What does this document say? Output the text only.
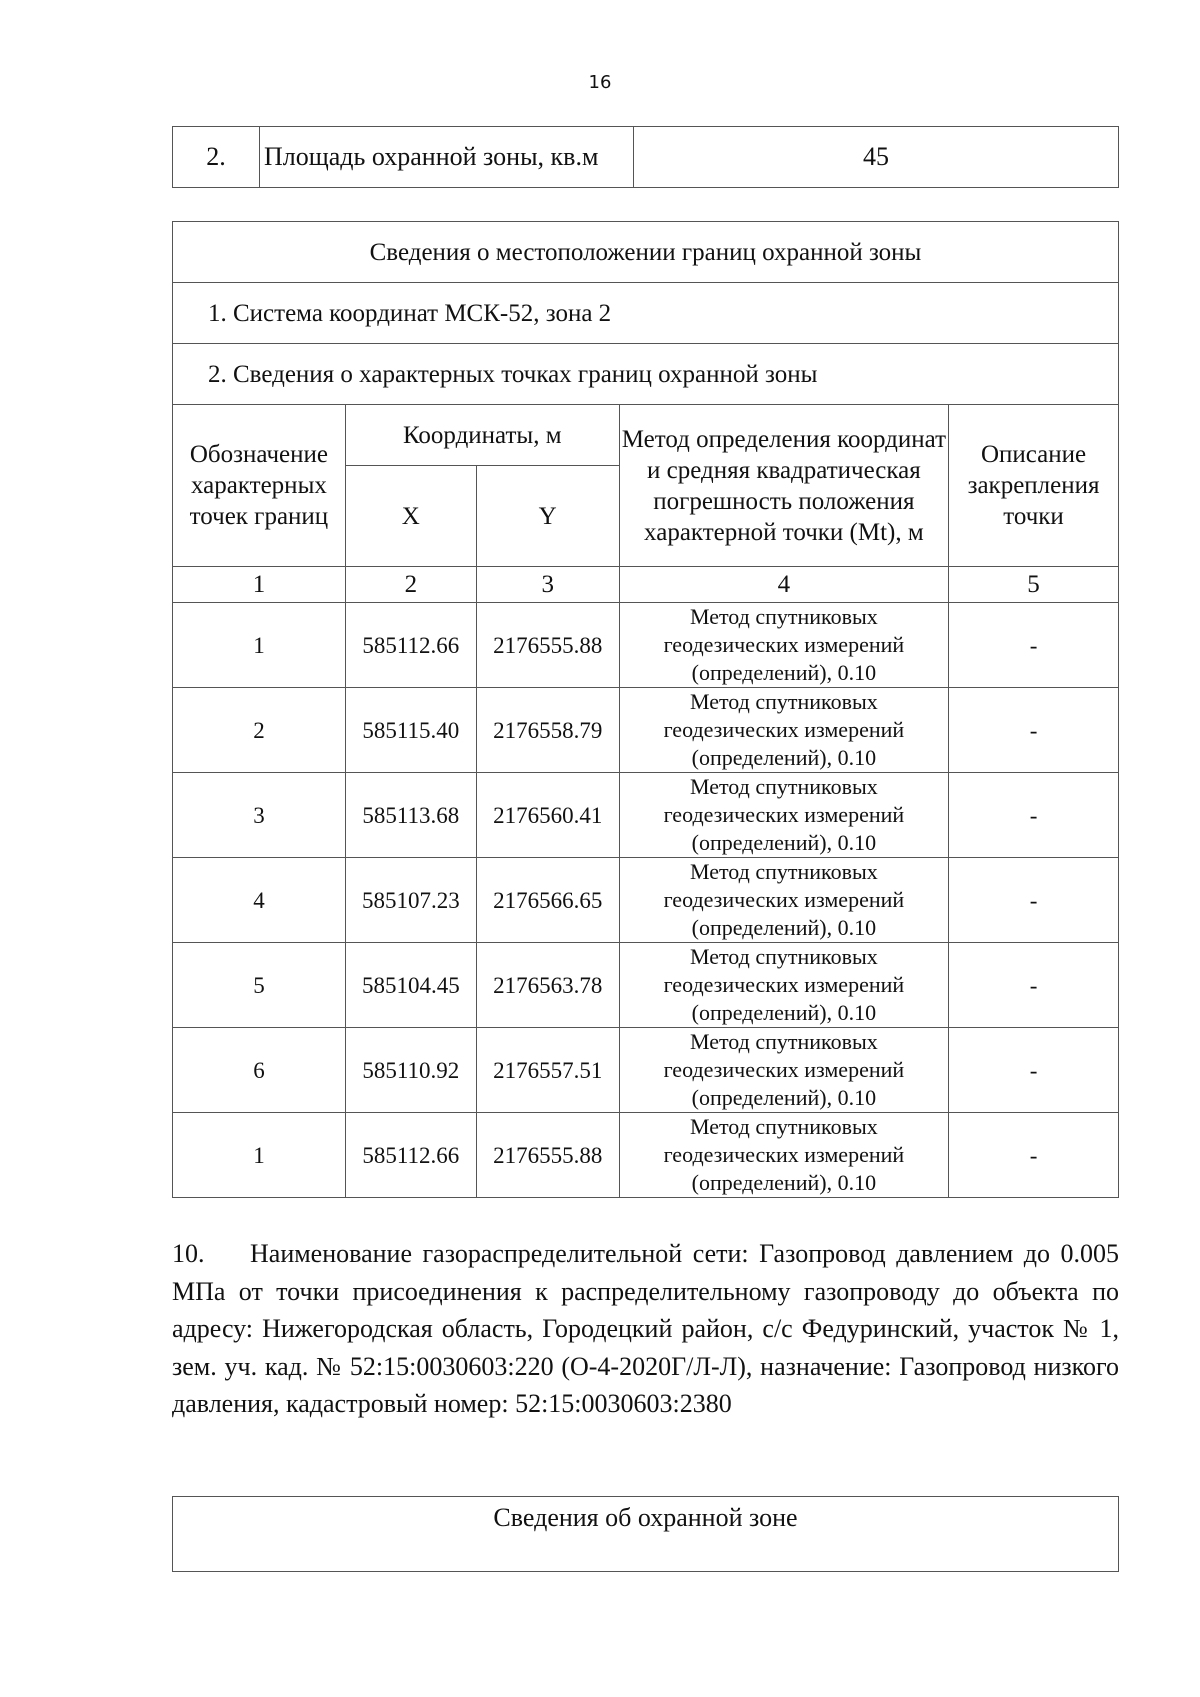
16
2.	Площадь охранной зоны, кв.м	45
Сведения о местоположении границ охранной зоны				
1. Система координат МСК-52, зона 2				
2. Сведения о характерных точках границ охранной зоны				
Обозначение характерных точек границ	Координаты, м		Метод определения координат и средняя квадратическая погрешность положения характерной точки (Mt), м	Описание закрепления точки
	X	Y		
1	2	3	4	5
1	585112.66	2176555.88	Метод спутниковых геодезических измерений (определений), 0.10	-
2	585115.40	2176558.79	Метод спутниковых геодезических измерений (определений), 0.10	-
3	585113.68	2176560.41	Метод спутниковых геодезических измерений (определений), 0.10	-
4	585107.23	2176566.65	Метод спутниковых геодезических измерений (определений), 0.10	-
5	585104.45	2176563.78	Метод спутниковых геодезических измерений (определений), 0.10	-
6	585110.92	2176557.51	Метод спутниковых геодезических измерений (определений), 0.10	-
1	585112.66	2176555.88	Метод спутниковых геодезических измерений (определений), 0.10	-
10. Наименование газораспределительной сети: Газопровод давлением до 0.005 МПа от точки присоединения к распределительному газопроводу до объекта по адресу: Нижегородская область, Городецкий район, с/с Федуринский, участок № 1, зем. уч. кад. № 52:15:0030603:220 (О-4-2020Г/Л-Л), назначение: Газопровод низкого давления, кадастровый номер: 52:15:0030603:2380
Сведения об охранной зоне
